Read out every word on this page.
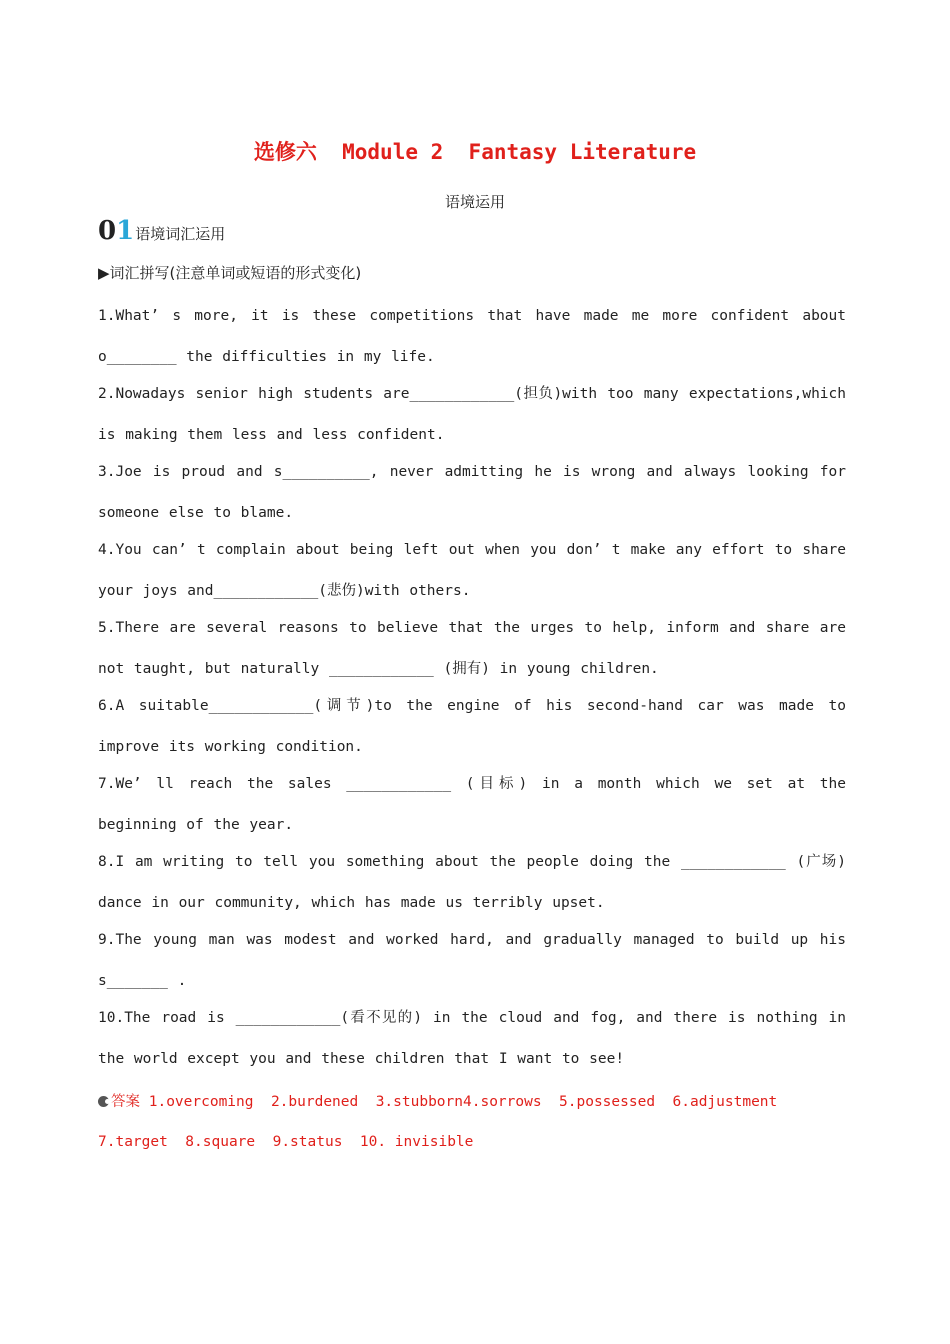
选修六  Module 2  Fantasy Literature
语境运用
01 语境词汇运用
▶词汇拼写(注意单词或短语的形式变化)

1.What’ s more, it is these competitions that have made me more confident about o________ the difficulties in my life.

2.Nowadays senior high students are____________(担负)with too many expectations,which is making them less and less confident.

3.Joe is proud and s__________, never admitting he is wrong and always looking for someone else to blame.

4.You can’ t complain about being left out when you don’ t make any effort to share your joys and____________(悲伤)with others.

5.There are several reasons to believe that the urges to help, inform and share are not taught, but naturally ____________ (拥有) in young children.

6.A suitable____________(调节)to the engine of his second-hand car was made to improve its working condition.

7.We’ ll reach the sales ____________ (目标) in a month which we set at the beginning of the year.

8.I am writing to tell you something about the people doing the ____________ (广场) dance in our community, which has made us terribly upset.

9.The young man was modest and worked hard, and gradually managed to build up his s_______ .

10.The road is ____________(看不见的) in the cloud and fog, and there is nothing in the world except you and these children that I want to see!

答案 1.overcoming  2.burdened  3.stubborn4.sorrows  5.possessed  6.adjustment
7.target  8.square  9.status  10. invisible
